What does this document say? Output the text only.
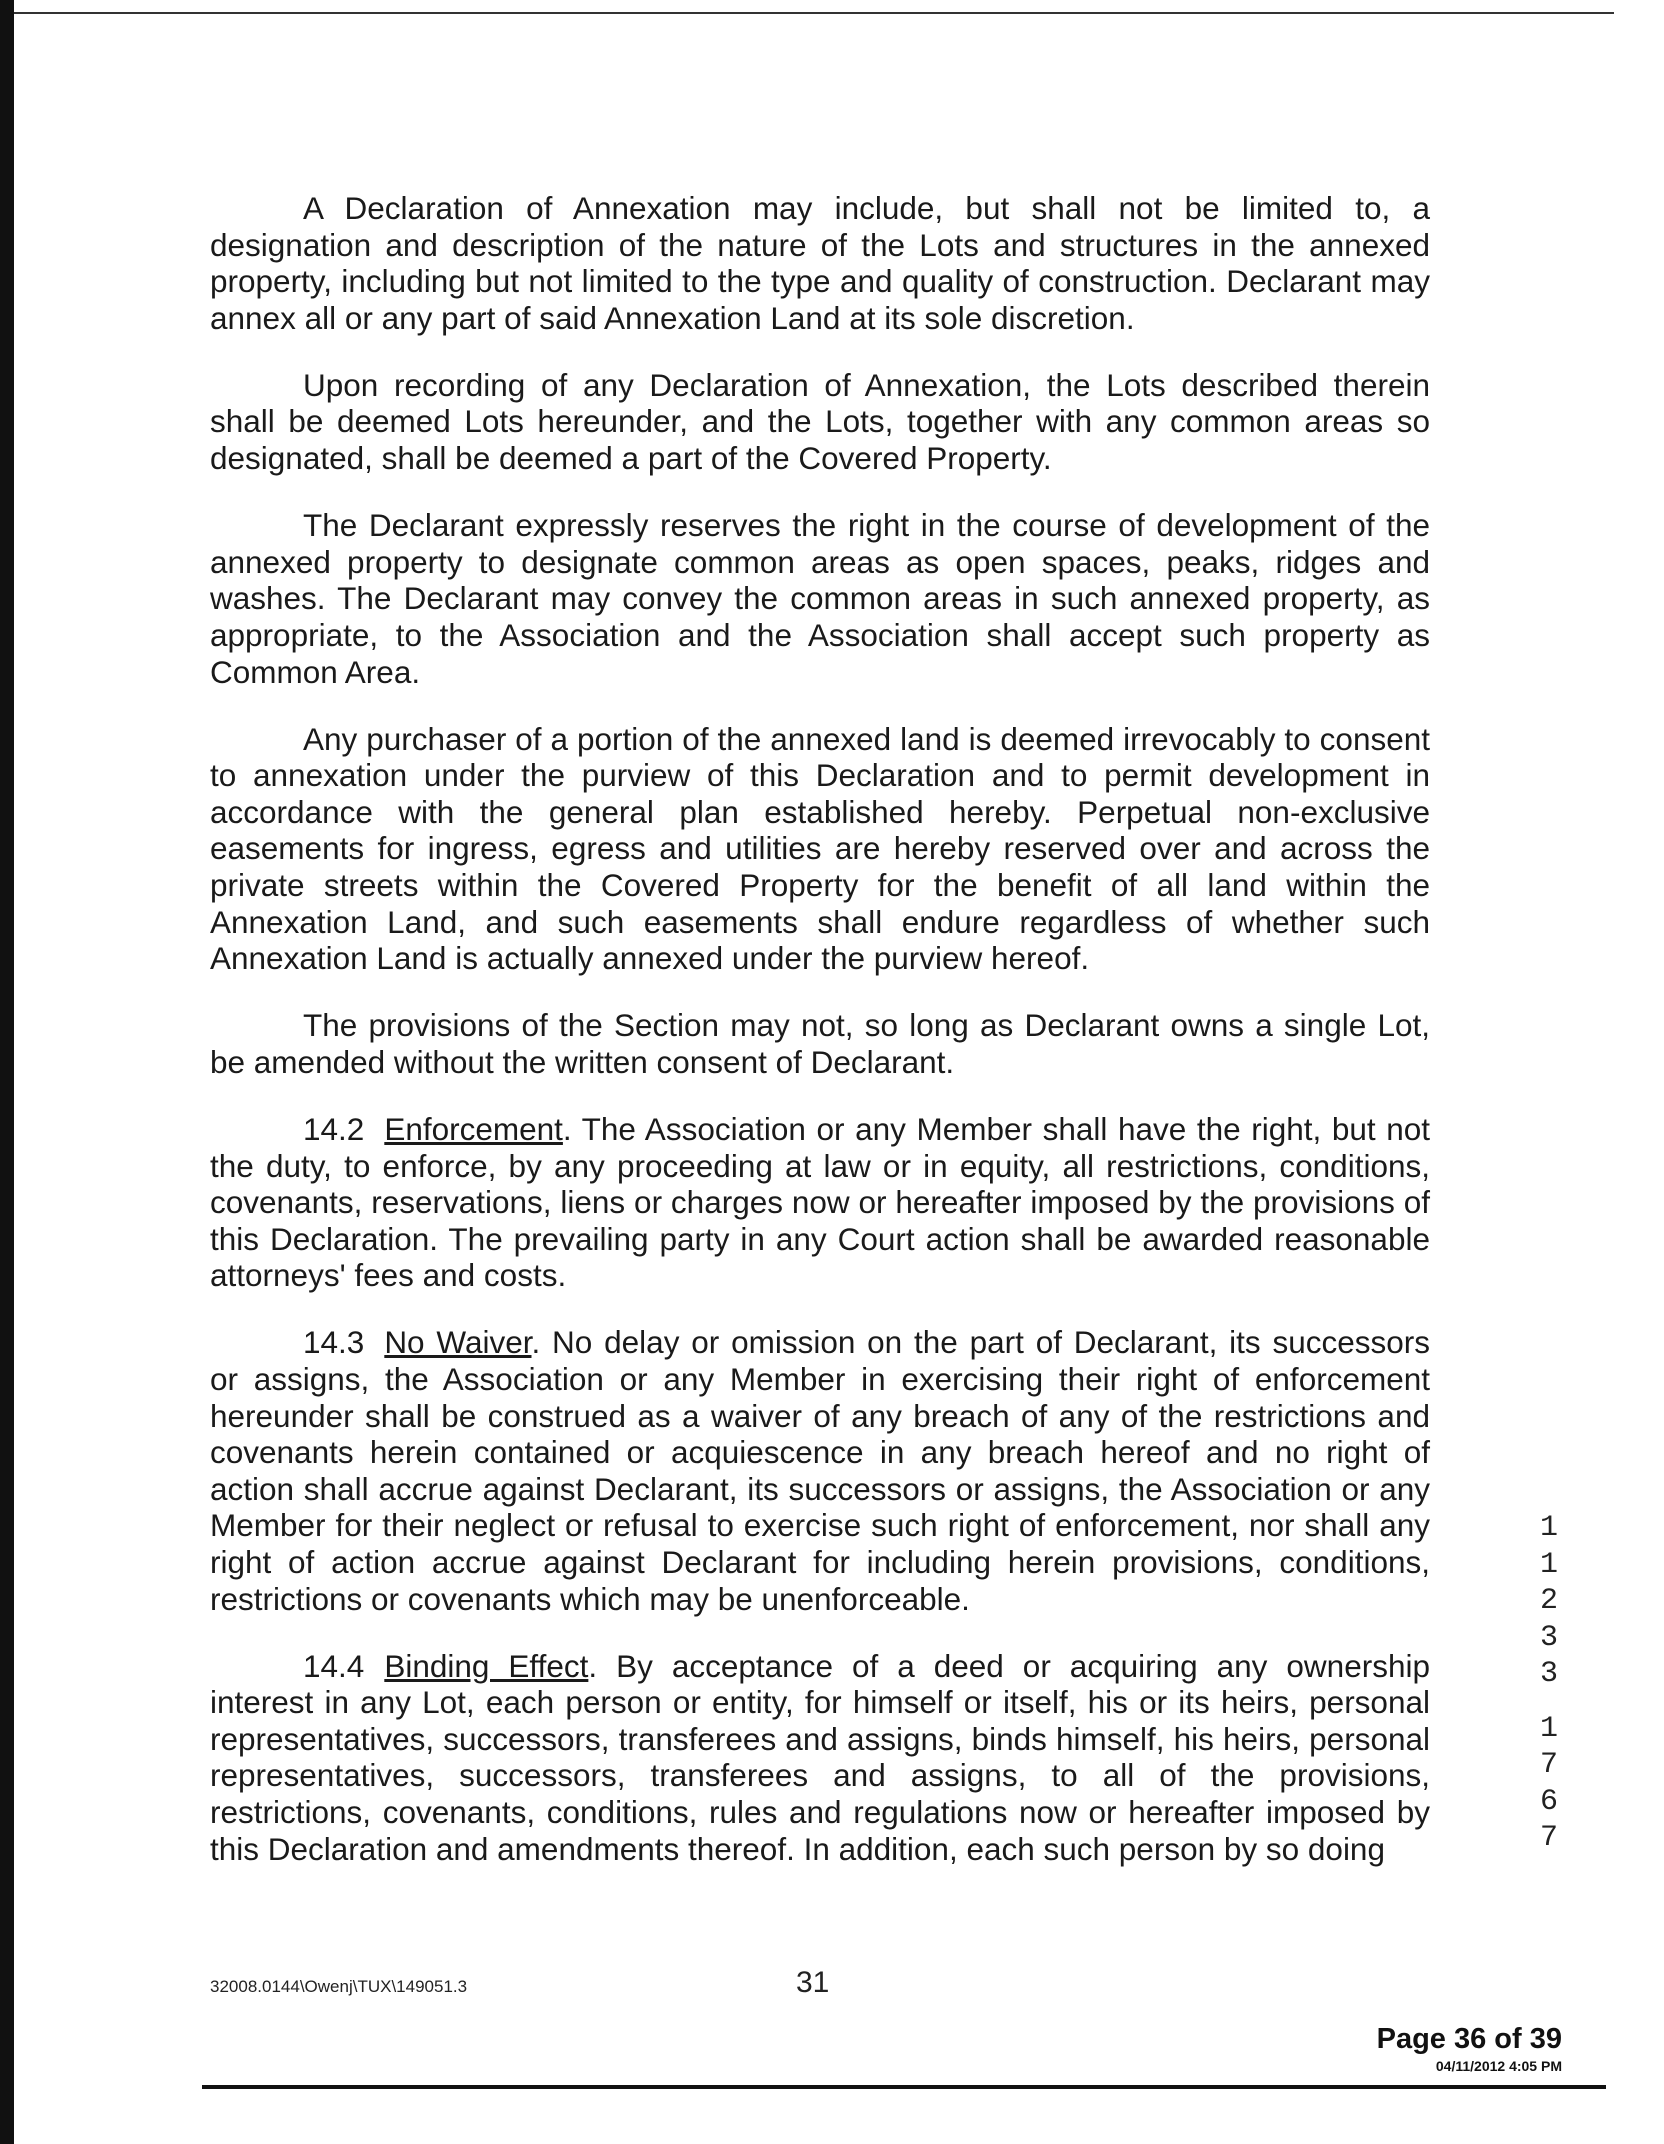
A Declaration of Annexation may include, but shall not be limited to, a designation and description of the nature of the Lots and structures in the annexed property, including but not limited to the type and quality of construction. Declarant may annex all or any part of said Annexation Land at its sole discretion.

Upon recording of any Declaration of Annexation, the Lots described therein shall be deemed Lots hereunder, and the Lots, together with any common areas so designated, shall be deemed a part of the Covered Property.

The Declarant expressly reserves the right in the course of development of the annexed property to designate common areas as open spaces, peaks, ridges and washes. The Declarant may convey the common areas in such annexed property, as appropriate, to the Association and the Association shall accept such property as Common Area.

Any purchaser of a portion of the annexed land is deemed irrevocably to consent to annexation under the purview of this Declaration and to permit development in accordance with the general plan established hereby. Perpetual non-exclusive easements for ingress, egress and utilities are hereby reserved over and across the private streets within the Covered Property for the benefit of all land within the Annexation Land, and such easements shall endure regardless of whether such Annexation Land is actually annexed under the purview hereof.

The provisions of the Section may not, so long as Declarant owns a single Lot, be amended without the written consent of Declarant.

14.2 Enforcement. The Association or any Member shall have the right, but not the duty, to enforce, by any proceeding at law or in equity, all restrictions, conditions, covenants, reservations, liens or charges now or hereafter imposed by the provisions of this Declaration. The prevailing party in any Court action shall be awarded reasonable attorneys' fees and costs.

14.3 No Waiver. No delay or omission on the part of Declarant, its successors or assigns, the Association or any Member in exercising their right of enforcement hereunder shall be construed as a waiver of any breach of any of the restrictions and covenants herein contained or acquiescence in any breach hereof and no right of action shall accrue against Declarant, its successors or assigns, the Association or any Member for their neglect or refusal to exercise such right of enforcement, nor shall any right of action accrue against Declarant for including herein provisions, conditions, restrictions or covenants which may be unenforceable.

14.4 Binding Effect. By acceptance of a deed or acquiring any ownership interest in any Lot, each person or entity, for himself or itself, his or its heirs, personal representatives, successors, transferees and assigns, binds himself, his heirs, personal representatives, successors, transferees and assigns, to all of the provisions, restrictions, covenants, conditions, rules and regulations now or hereafter imposed by this Declaration and amendments thereof. In addition, each such person by so doing

1
1
2
3
3
1
7
6
7
32008.0144\Owenj\TUX\149051.3	31
Page 36 of 39
04/11/2012 4:05 PM
